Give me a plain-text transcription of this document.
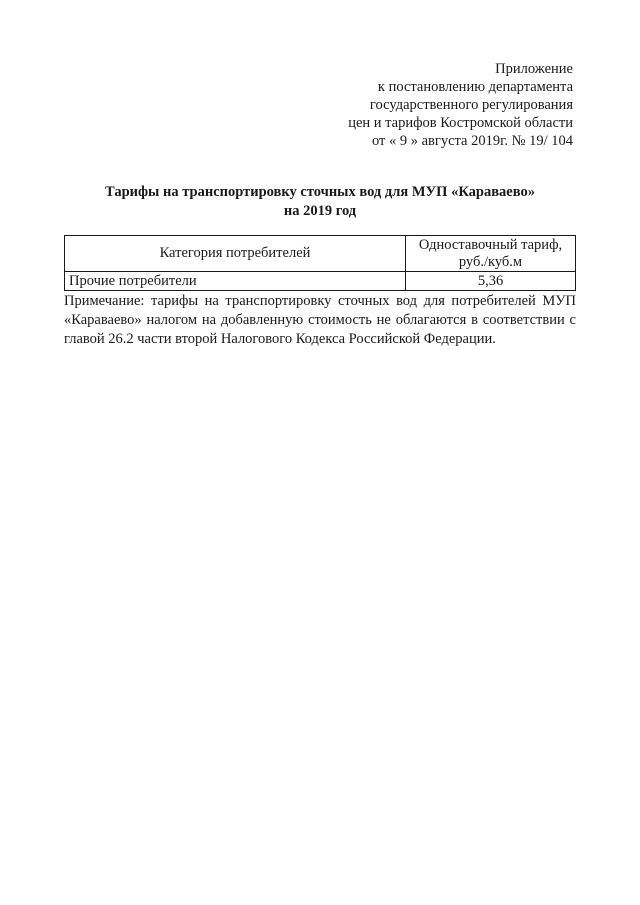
Приложение
к постановлению департамента
государственного регулирования
цен и тарифов Костромской области
от « 9 » августа 2019г. № 19/ 104
Тарифы на транспортировку сточных вод для МУП «Караваево»
на 2019 год
Категория потребителей	Одноставочный тариф, руб./куб.м
Прочие потребители	5,36
Примечание: тарифы на транспортировку сточных вод для потребителей МУП «Караваево» налогом на добавленную стоимость не облагаются в соответствии с главой 26.2 части второй Налогового Кодекса Российской Федерации.
